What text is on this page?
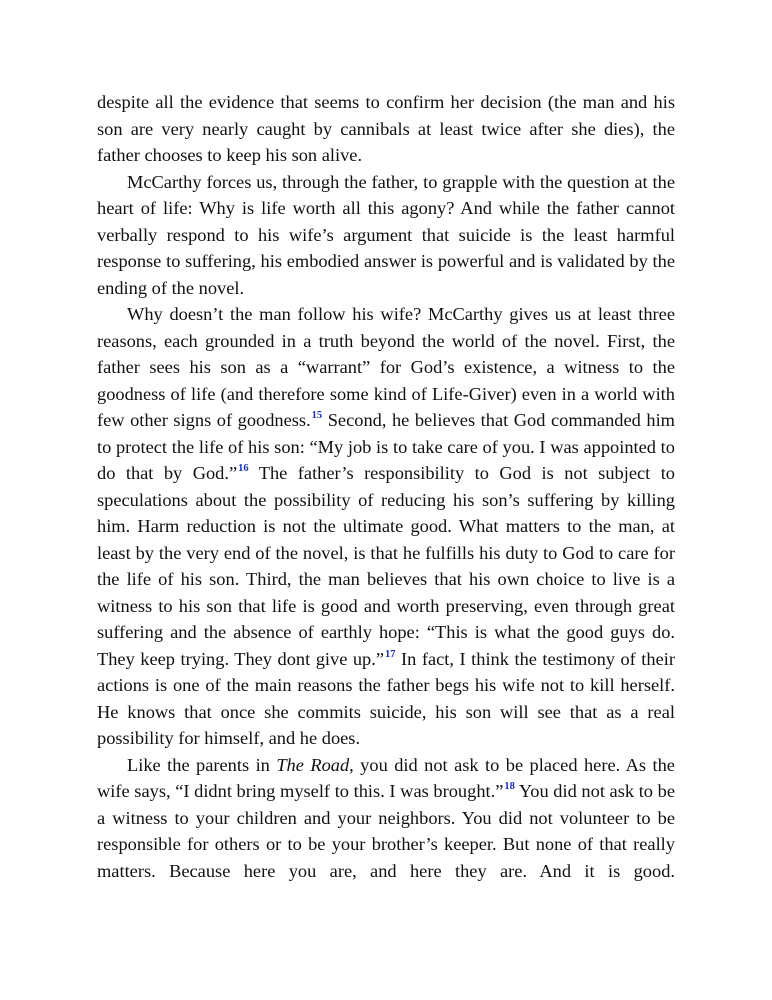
despite all the evidence that seems to confirm her decision (the man and his son are very nearly caught by cannibals at least twice after she dies), the father chooses to keep his son alive.

McCarthy forces us, through the father, to grapple with the question at the heart of life: Why is life worth all this agony? And while the father cannot verbally respond to his wife’s argument that suicide is the least harmful response to suffering, his embodied answer is powerful and is validated by the ending of the novel.

Why doesn’t the man follow his wife? McCarthy gives us at least three reasons, each grounded in a truth beyond the world of the novel. First, the father sees his son as a “warrant” for God’s existence, a witness to the goodness of life (and therefore some kind of Life-Giver) even in a world with few other signs of goodness.$^{15}$ Second, he believes that God commanded him to protect the life of his son: “My job is to take care of you. I was appointed to do that by God.”$^{16}$ The father’s responsibility to God is not subject to speculations about the possibility of reducing his son’s suffering by killing him. Harm reduction is not the ultimate good. What matters to the man, at least by the very end of the novel, is that he fulfills his duty to God to care for the life of his son. Third, the man believes that his own choice to live is a witness to his son that life is good and worth preserving, even through great suffering and the absence of earthly hope: “This is what the good guys do. They keep trying. They dont give up.”$^{17}$ In fact, I think the testimony of their actions is one of the main reasons the father begs his wife not to kill herself. He knows that once she commits suicide, his son will see that as a real possibility for himself, and he does.

Like the parents in The Road, you did not ask to be placed here. As the wife says, “I didnt bring myself to this. I was brought.”$^{18}$ You did not ask to be a witness to your children and your neighbors. You did not volunteer to be responsible for others or to be your brother’s keeper. But none of that really matters. Because here you are, and here they are. And it is good.
